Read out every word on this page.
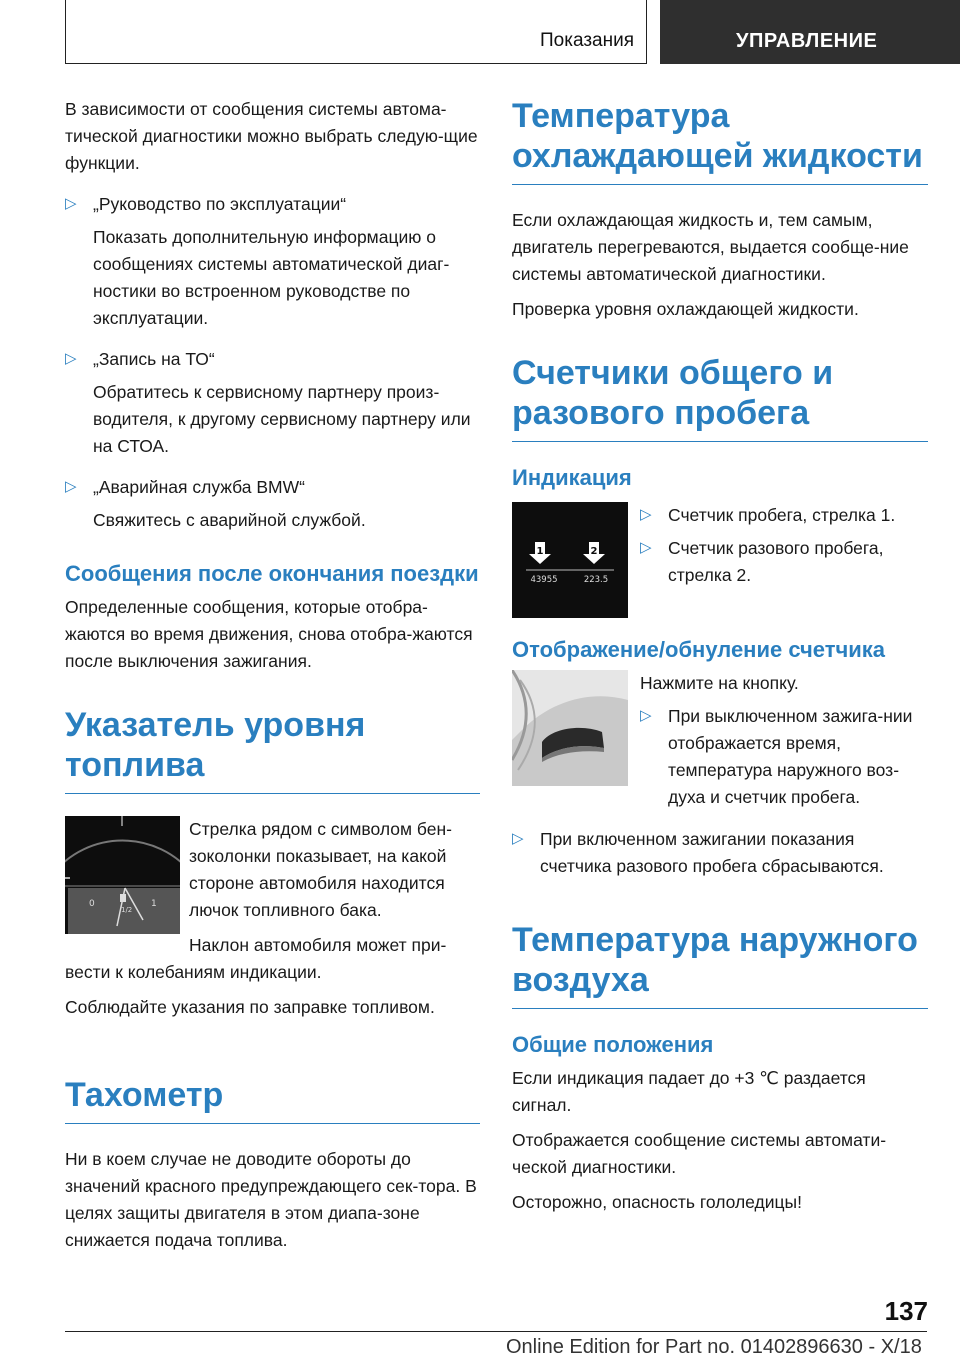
Показания	УПРАВЛЕНИЕ

В зависимости от сообщения системы автома-тической диагностики можно выбрать следую-щие функции.

▷ „Руководство по эксплуатации“

Показать дополнительную информацию о сообщениях системы автоматической диаг-ностики во встроенном руководстве по эксплуатации.

▷ „Запись на ТО“

Обратитесь к сервисному партнеру произ-водителя, к другому сервисному партнеру или на СТОА.

▷ „Аварийная служба BMW“

Свяжитесь с аварийной службой.

Сообщения после окончания поездки

Определенные сообщения, которые отобра-жаются во время движения, снова отобра-жаются после выключения зажигания.

Указатель уровня топлива
0
1/2
1

Стрелка рядом с символом бен-зоколонки показывает, на какой стороне автомобиля находится лючок топливного бака.

Наклон автомобиля может при-вести к колебаниям индикации.

Соблюдайте указания по заправке топливом.

Тахометр

Ни в коем случае не доводите обороты до значений красного предупреждающего сек-тора. В целях защиты двигателя в этом диапа-зоне снижается подача топлива.

Температура охлаждающей жидкости

Если охлаждающая жидкость и, тем самым, двигатель перегреваются, выдается сообще-ние системы автоматической диагностики.

Проверка уровня охлаждающей жидкости.

Счетчики общего и разового пробега
Индикация
1	2
43955	223.5
▷ Счетчик пробега, стрелка 1.

▷ Счетчик разового пробега, стрелка 2.

Отображение/обнуление счетчика

Нажмите на кнопку.

▷ При выключенном зажига-нии отображается время, температура наружного воз-духа и счетчик пробега.

▷ При включенном зажигании показания счетчика разового пробега сбрасываются.

Температура наружного воздуха
Общие положения

Если индикация падает до +3 ℃ раздается сигнал.

Отображается сообщение системы автомати-ческой диагностики.

Осторожно, опасность гололедицы!

137
Online Edition for Part no. 01402896630 - X/18
